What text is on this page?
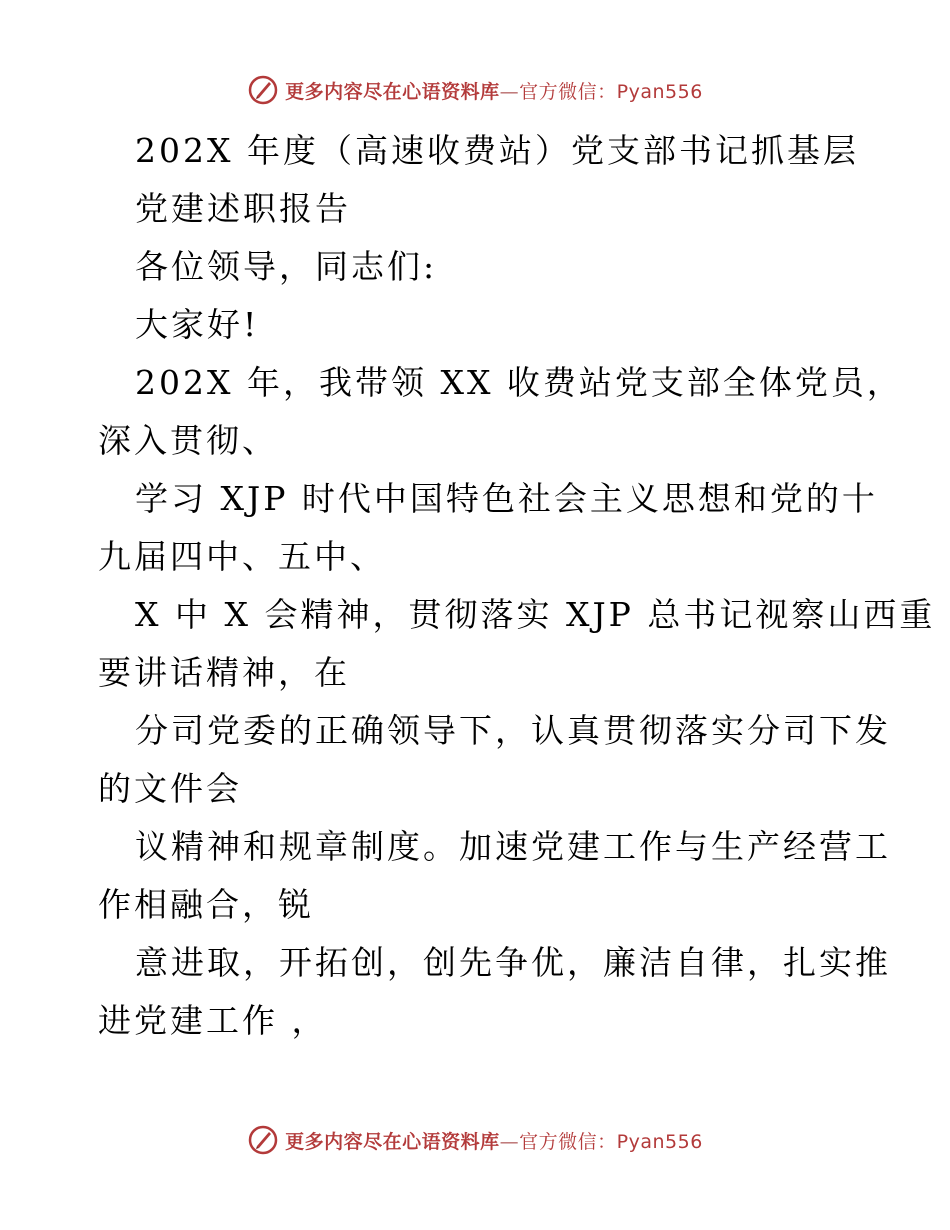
更多内容尽在心语资料库—官方微信：Pyan556
202X 年度（高速收费站）党支部书记抓基层
党建述职报告
各位领导，同志们:
大家好!
202X 年，我带领 XX 收费站党支部全体党员，
深入贯彻、
学习 XJP 时代中国特色社会主义思想和党的十
九届四中、五中、
X 中 X 会精神，贯彻落实 XJP 总书记视察山西重
要讲话精神，在
分司党委的正确领导下，认真贯彻落实分司下发
的文件会
议精神和规章制度。加速党建工作与生产经营工
作相融合，锐
意进取，开拓创，创先争优，廉洁自律，扎实推
进党建工作 ，
更多内容尽在心语资料库—官方微信：Pyan556
